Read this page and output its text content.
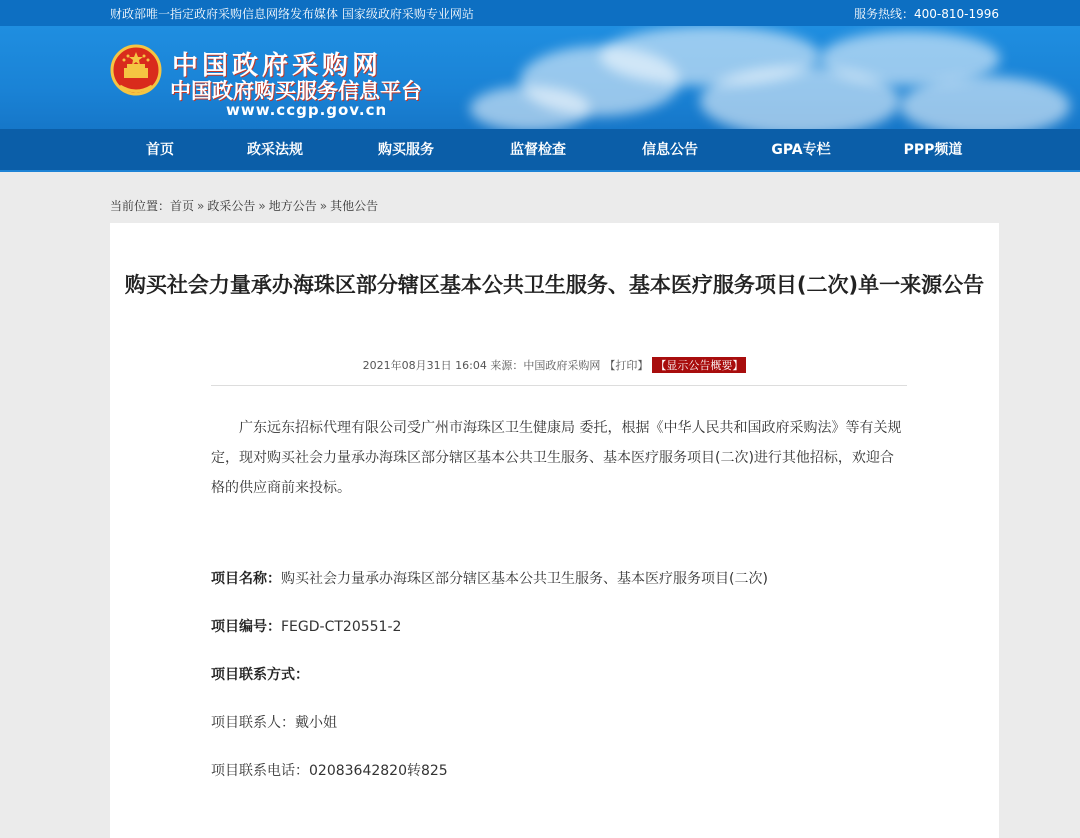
财政部唯一指定政府采购信息网络发布媒体 国家级政府采购专业网站	服务热线：400-810-1996
中国政府采购网
中国政府购买服务信息平台
www.ccgp.gov.cn
首页	政采法规	购买服务	监督检查	信息公告	GPA专栏	PPP频道
当前位置：首页 » 政采公告 » 地方公告 » 其他公告
购买社会力量承办海珠区部分辖区基本公共卫生服务、基本医疗服务项目(二次)单一来源公告
2021年08月31日 16:04 来源：中国政府采购网 【打印】 【显示公告概要】
广东远东招标代理有限公司受广州市海珠区卫生健康局 委托，根据《中华人民共和国政府采购法》等有关规定，现对购买社会力量承办海珠区部分辖区基本公共卫生服务、基本医疗服务项目(二次)进行其他招标，欢迎合格的供应商前来投标。
项目名称：购买社会力量承办海珠区部分辖区基本公共卫生服务、基本医疗服务项目(二次)
项目编号：FEGD-CT20551-2
项目联系方式：
项目联系人：戴小姐
项目联系电话：02083642820转825
